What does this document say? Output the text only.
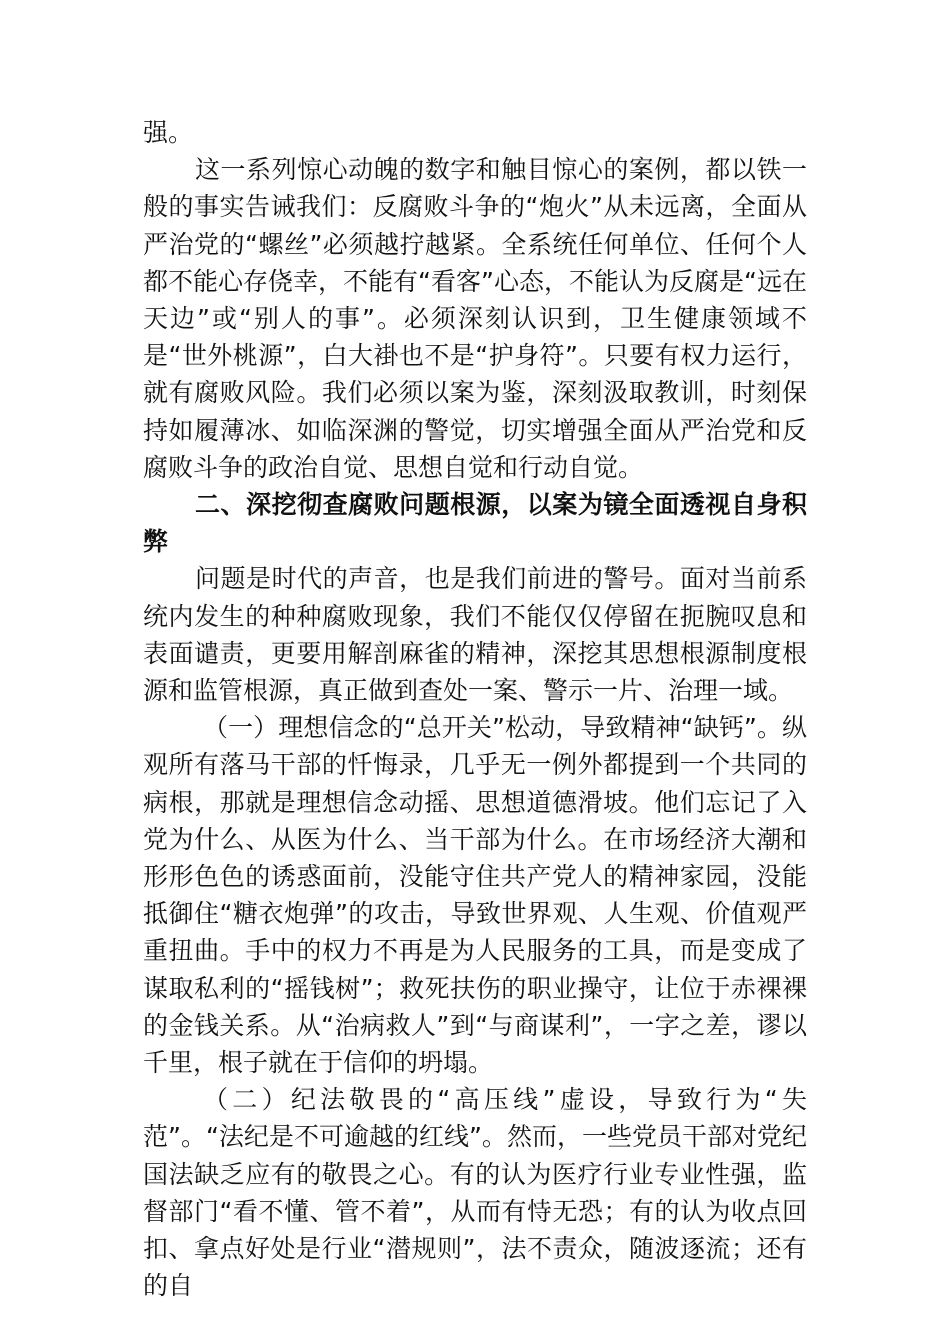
强。

这一系列惊心动魄的数字和触目惊心的案例，都以铁一般的事实告诫我们：反腐败斗争的“炮火”从未远离，全面从严治党的“螺丝”必须越拧越紧。全系统任何单位、任何个人都不能心存侥幸，不能有“看客”心态，不能认为反腐是“远在天边”或“别人的事”。必须深刻认识到，卫生健康领域不是“世外桃源”，白大褂也不是“护身符”。只要有权力运行，就有腐败风险。我们必须以案为鉴，深刻汲取教训，时刻保持如履薄冰、如临深渊的警觉，切实增强全面从严治党和反腐败斗争的政治自觉、思想自觉和行动自觉。

二、深挖彻查腐败问题根源，以案为镜全面透视自身积弊

问题是时代的声音，也是我们前进的警号。面对当前系统内发生的种种腐败现象，我们不能仅仅停留在扼腕叹息和表面谴责，更要用解剖麻雀的精神，深挖其思想根源制度根源和监管根源，真正做到查处一案、警示一片、治理一域。

（一）理想信念的“总开关”松动，导致精神“缺钙”。纵观所有落马干部的忏悔录，几乎无一例外都提到一个共同的病根，那就是理想信念动摇、思想道德滑坡。他们忘记了入党为什么、从医为什么、当干部为什么。在市场经济大潮和形形色色的诱惑面前，没能守住共产党人的精神家园，没能抵御住“糖衣炮弹”的攻击，导致世界观、人生观、价值观严重扭曲。手中的权力不再是为人民服务的工具，而是变成了谋取私利的“摇钱树”；救死扶伤的职业操守，让位于赤裸裸的金钱关系。从“治病救人”到“与商谋利”，一字之差，谬以千里，根子就在于信仰的坍塌。

（二）纪法敬畏的“高压线”虚设，导致行为“失范”。“法纪是不可逾越的红线”。然而，一些党员干部对党纪国法缺乏应有的敬畏之心。有的认为医疗行业专业性强，监督部门“看不懂、管不着”，从而有恃无恐；有的认为收点回扣、拿点好处是行业“潜规则”，法不责众，随波逐流；还有的自
